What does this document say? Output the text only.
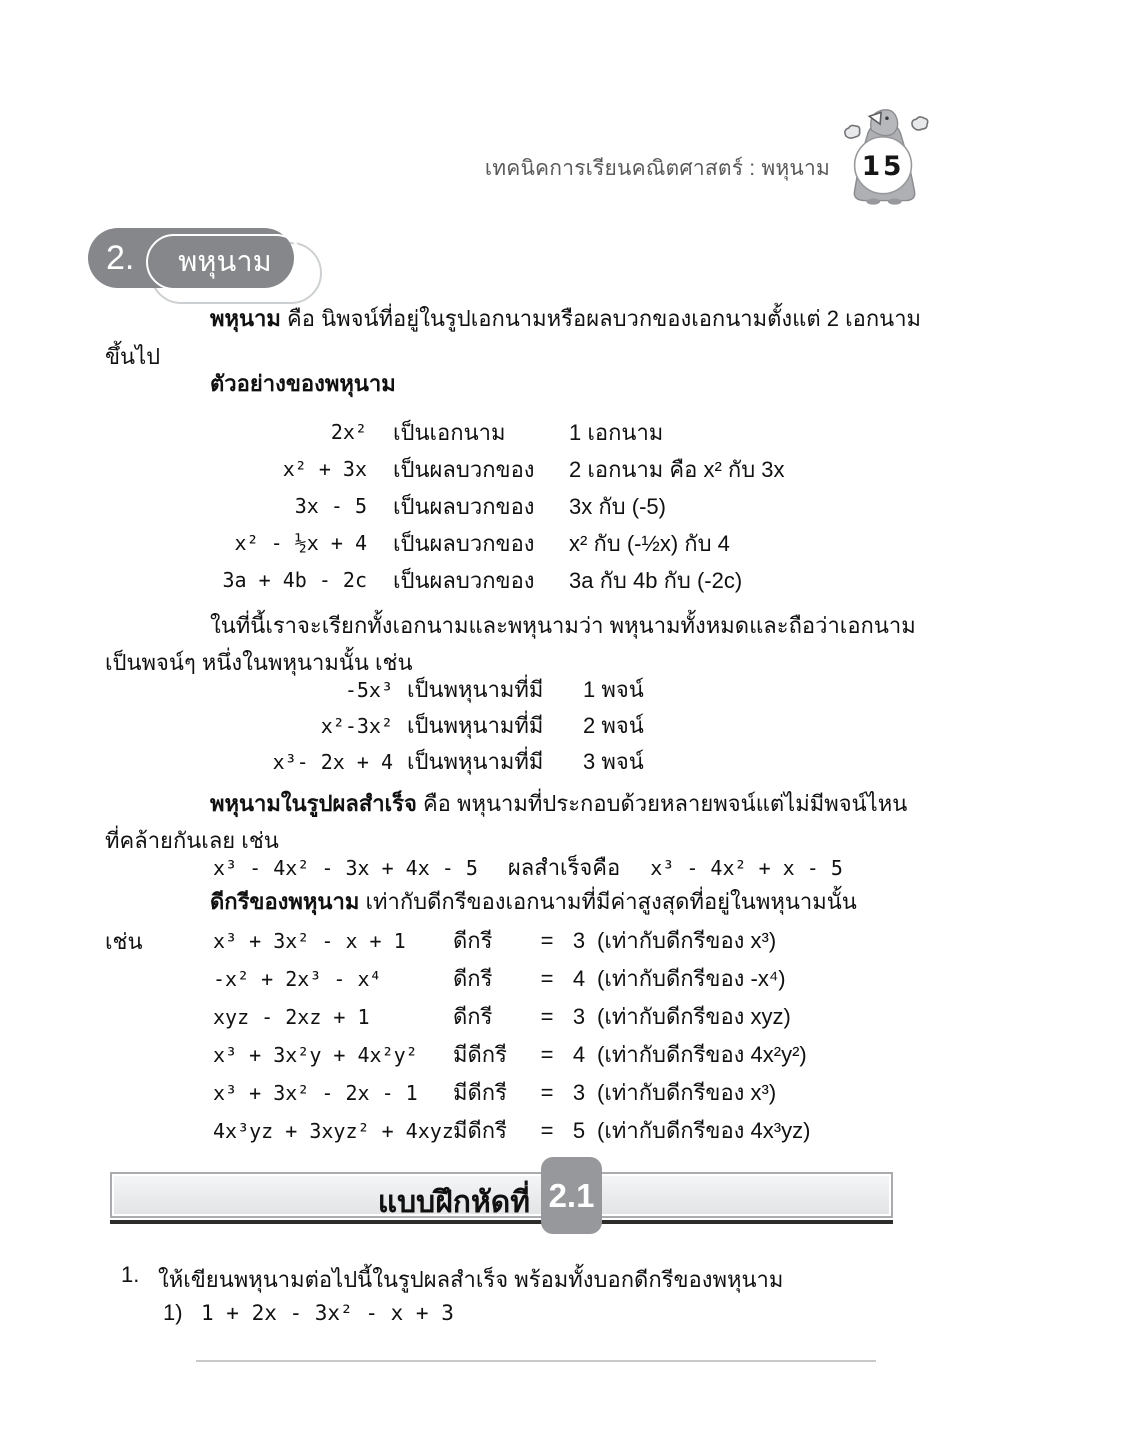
เทคนิคการเรียนคณิตศาสตร์ : พหุนาม 15
2. พหุนาม
พหุนาม คือ นิพจน์ที่อยู่ในรูปเอกนามหรือผลบวกของเอกนามตั้งแต่ 2 เอกนาม
ขึ้นไป
ตัวอย่างของพหุนาม
2x² เป็นเอกนาม	1 เอกนาม
x² + 3x เป็นผลบวกของ	2 เอกนาม คือ x² กับ 3x
3x - 5 เป็นผลบวกของ	3x กับ (-5)
x² - ½x + 4 เป็นผลบวกของ	x² กับ (-½x) กับ 4
3a + 4b - 2c เป็นผลบวกของ	3a กับ 4b กับ (-2c)
ในที่นี้เราจะเรียกทั้งเอกนามและพหุนามว่า พหุนามทั้งหมดและถือว่าเอกนาม
เป็นพจน์ๆ หนึ่งในพหุนามนั้น เช่น
-5x³ เป็นพหุนามที่มี	1 พจน์
x²-3x² เป็นพหุนามที่มี	2 พจน์
x³- 2x + 4 เป็นพหุนามที่มี	3 พจน์
พหุนามในรูปผลสำเร็จ คือ พหุนามที่ประกอบด้วยหลายพจน์แต่ไม่มีพจน์ไหน
ที่คล้ายกันเลย เช่น
x³ - 4x² - 3x + 4x - 5 ผลสำเร็จคือ x³ - 4x² + x - 5
ดีกรีของพหุนาม เท่ากับดีกรีของเอกนามที่มีค่าสูงสุดที่อยู่ในพหุนามนั้น
เช่น	x³ + 3x² - x + 1	ดีกรี	= 3 (เท่ากับดีกรีของ x³)
-x² + 2x³ - x⁴	ดีกรี	= 4 (เท่ากับดีกรีของ -x⁴)
xyz - 2xz + 1	ดีกรี	= 3 (เท่ากับดีกรีของ xyz)
x³ + 3x²y + 4x²y²	มีดีกรี	= 4 (เท่ากับดีกรีของ 4x²y²)
x³ + 3x² - 2x - 1	มีดีกรี	= 3 (เท่ากับดีกรีของ x³)
4x³yz + 3xyz² + 4xyz มีดีกรี	= 5 (เท่ากับดีกรีของ 4x³yz)
แบบฝึกหัดที่ 2.1
1. ให้เขียนพหุนามต่อไปนี้ในรูปผลสำเร็จ พร้อมทั้งบอกดีกรีของพหุนาม
1) 1 + 2x - 3x² - x + 3
